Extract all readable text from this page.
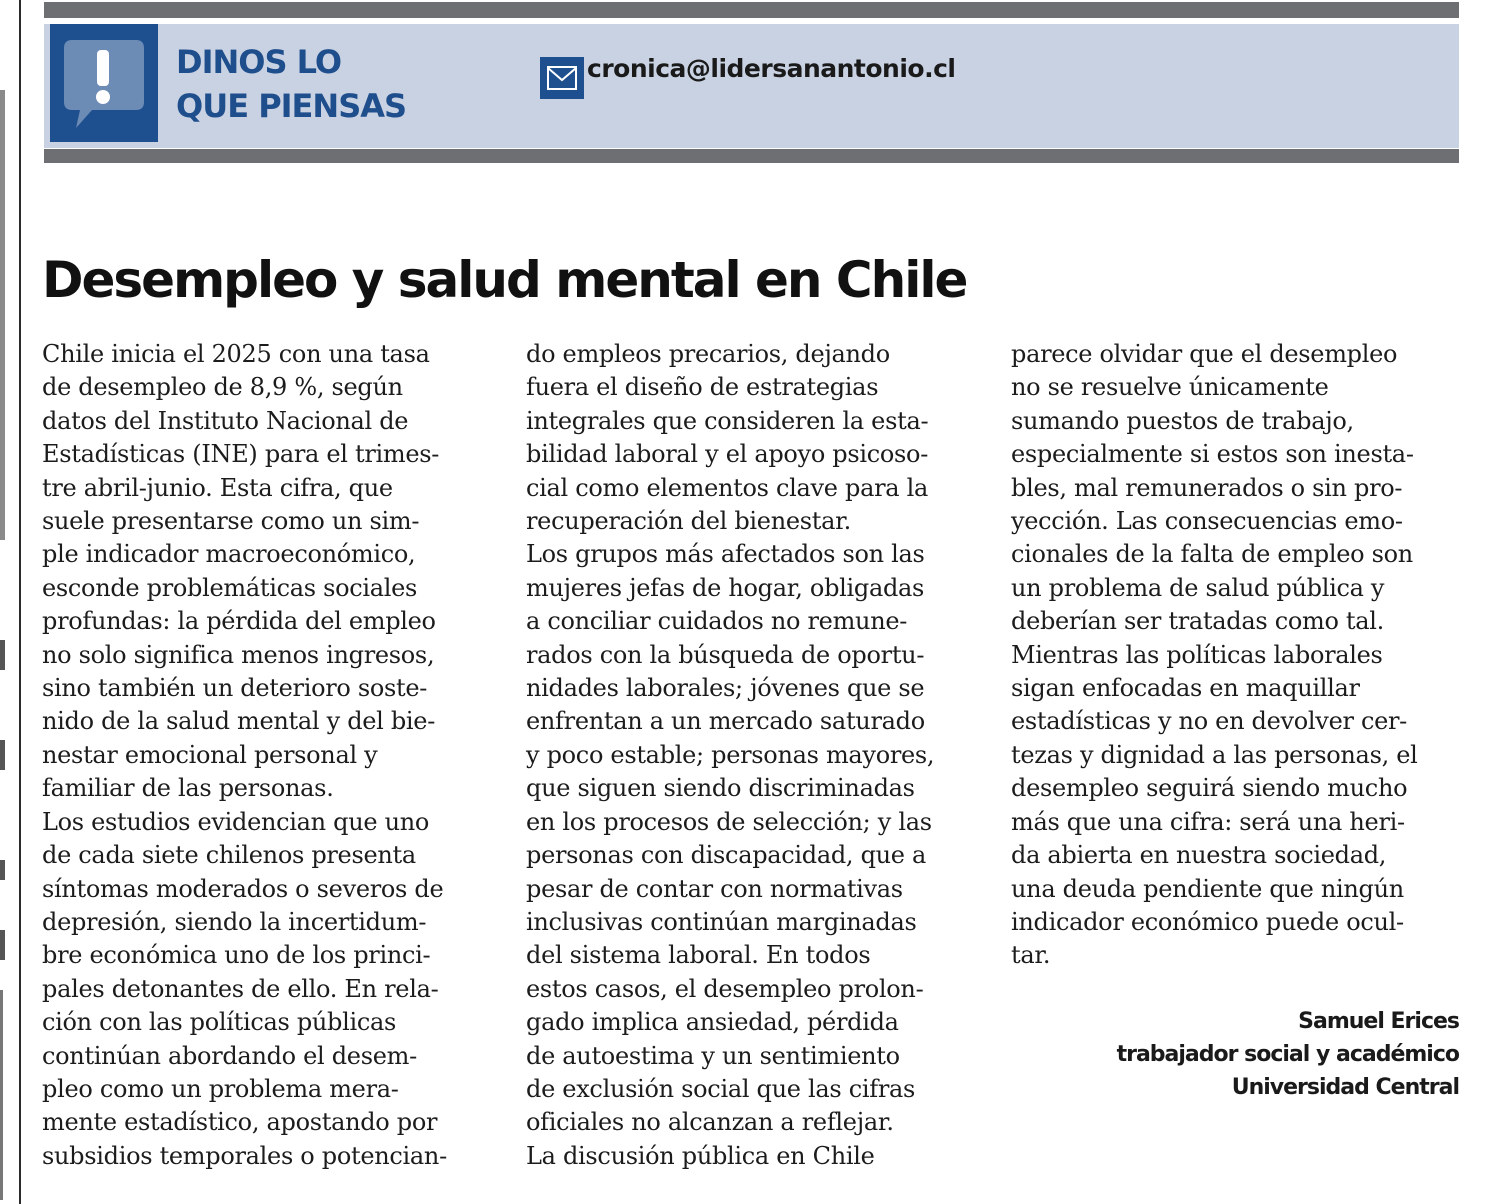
DINOS LO
QUE PIENSAS
cronica@lidersanantonio.cl
Desempleo y salud mental en Chile

Chile inicia el 2025 con una tasa
de desempleo de 8,9 %, según
datos del Instituto Nacional de
Estadísticas (INE) para el trimes-
tre abril-junio. Esta cifra, que
suele presentarse como un sim-
ple indicador macroeconómico,
esconde problemáticas sociales
profundas: la pérdida del empleo
no solo significa menos ingresos,
sino también un deterioro soste-
nido de la salud mental y del bie-
nestar emocional personal y
familiar de las personas.
Los estudios evidencian que uno
de cada siete chilenos presenta
síntomas moderados o severos de
depresión, siendo la incertidum-
bre económica uno de los princi-
pales detonantes de ello. En rela-
ción con las políticas públicas
continúan abordando el desem-
pleo como un problema mera-
mente estadístico, apostando por
subsidios temporales o potencian-

do empleos precarios, dejando
fuera el diseño de estrategias
integrales que consideren la esta-
bilidad laboral y el apoyo psicoso-
cial como elementos clave para la
recuperación del bienestar.
Los grupos más afectados son las
mujeres jefas de hogar, obligadas
a conciliar cuidados no remune-
rados con la búsqueda de oportu-
nidades laborales; jóvenes que se
enfrentan a un mercado saturado
y poco estable; personas mayores,
que siguen siendo discriminadas
en los procesos de selección; y las
personas con discapacidad, que a
pesar de contar con normativas
inclusivas continúan marginadas
del sistema laboral. En todos
estos casos, el desempleo prolon-
gado implica ansiedad, pérdida
de autoestima y un sentimiento
de exclusión social que las cifras
oficiales no alcanzan a reflejar.
La discusión pública en Chile

parece olvidar que el desempleo
no se resuelve únicamente
sumando puestos de trabajo,
especialmente si estos son inesta-
bles, mal remunerados o sin pro-
yección. Las consecuencias emo-
cionales de la falta de empleo son
un problema de salud pública y
deberían ser tratadas como tal.
Mientras las políticas laborales
sigan enfocadas en maquillar
estadísticas y no en devolver cer-
tezas y dignidad a las personas, el
desempleo seguirá siendo mucho
más que una cifra: será una heri-
da abierta en nuestra sociedad,
una deuda pendiente que ningún
indicador económico puede ocul-
tar.

Samuel Erices
trabajador social y académico
Universidad Central
